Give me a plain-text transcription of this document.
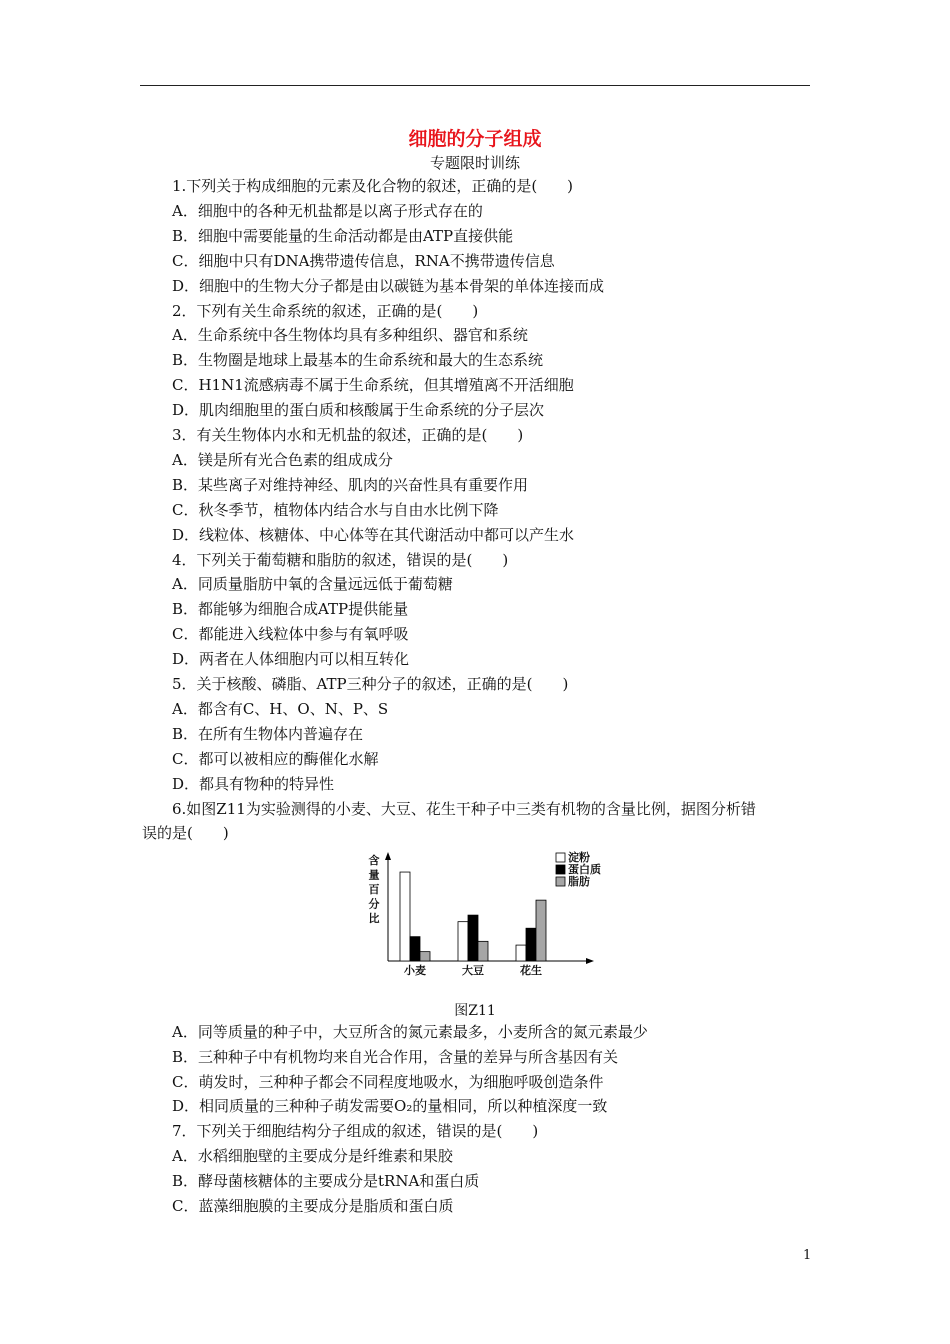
细胞的分子组成
专题限时训练
1.下列关于构成细胞的元素及化合物的叙述，正确的是(　　)
A．细胞中的各种无机盐都是以离子形式存在的
B．细胞中需要能量的生命活动都是由ATP直接供能
C．细胞中只有DNA携带遗传信息，RNA不携带遗传信息
D．细胞中的生物大分子都是由以碳链为基本骨架的单体连接而成
2．下列有关生命系统的叙述，正确的是(　　)
A．生命系统中各生物体均具有多种组织、器官和系统
B．生物圈是地球上最基本的生命系统和最大的生态系统
C．H1N1流感病毒不属于生命系统，但其增殖离不开活细胞
D．肌肉细胞里的蛋白质和核酸属于生命系统的分子层次
3．有关生物体内水和无机盐的叙述，正确的是(　　)
A．镁是所有光合色素的组成成分
B．某些离子对维持神经、肌肉的兴奋性具有重要作用
C．秋冬季节，植物体内结合水与自由水比例下降
D．线粒体、核糖体、中心体等在其代谢活动中都可以产生水
4．下列关于葡萄糖和脂肪的叙述，错误的是(　　)
A．同质量脂肪中氧的含量远远低于葡萄糖
B．都能够为细胞合成ATP提供能量
C．都能进入线粒体中参与有氧呼吸
D．两者在人体细胞内可以相互转化
5．关于核酸、磷脂、ATP三种分子的叙述，正确的是(　　)
A．都含有C、H、O、N、P、S
B．在所有生物体内普遍存在
C．都可以被相应的酶催化水解
D．都具有物种的特异性
6.如图Z11为实验测得的小麦、大豆、花生干种子中三类有机物的含量比例，据图分析错
误的是(　　)
含
量
百
分
比
小麦	大豆	花生
淀粉
蛋白质
脂肪
图Z11
A．同等质量的种子中，大豆所含的氮元素最多，小麦所含的氮元素最少
B．三种种子中有机物均来自光合作用，含量的差异与所含基因有关
C．萌发时，三种种子都会不同程度地吸水，为细胞呼吸创造条件
D．相同质量的三种种子萌发需要O₂的量相同，所以种植深度一致
7．下列关于细胞结构分子组成的叙述，错误的是(　　)
A．水稻细胞壁的主要成分是纤维素和果胶
B．酵母菌核糖体的主要成分是tRNA和蛋白质
C．蓝藻细胞膜的主要成分是脂质和蛋白质
1
